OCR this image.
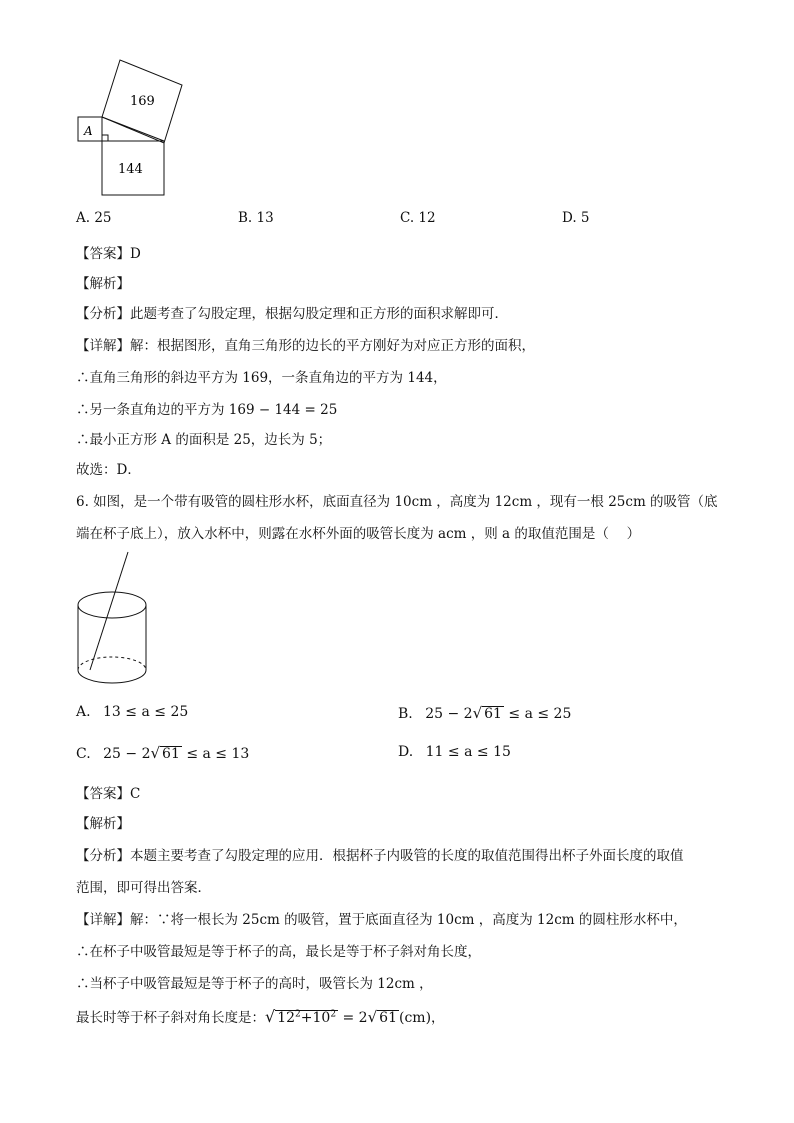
169
A
144
A. 25	B. 13	C. 12	D. 5
【答案】D
【解析】
【分析】此题考查了勾股定理，根据勾股定理和正方形的面积求解即可．
【详解】解：根据图形，直角三角形的边长的平方刚好为对应正方形的面积，
∴直角三角形的斜边平方为 169，一条直角边的平方为 144，
∴另一条直角边的平方为 169 − 144 = 25
∴最小正方形 A 的面积是 25，边长为 5；
故选：D．
6. 如图，是一个带有吸管的圆柱形水杯，底面直径为 10cm ，高度为 12cm ，现有一根 25cm 的吸管（底
端在杯子底上），放入水杯中，则露在水杯外面的吸管长度为 acm ，则 a 的取值范围是（　 ）
A. 13 ≤ a ≤ 25	B. 25 − 2√ 61 ≤ a ≤ 25
C. 25 − 2√ 61 ≤ a ≤ 13	D. 11 ≤ a ≤ 15
【答案】C
【解析】
【分析】本题主要考查了勾股定理的应用．根据杯子内吸管的长度的取值范围得出杯子外面长度的取值
范围，即可得出答案．
【详解】解：∵将一根长为 25cm 的吸管，置于底面直径为 10cm ，高度为 12cm 的圆柱形水杯中，
∴在杯子中吸管最短是等于杯子的高，最长是等于杯子斜对角长度，
∴当杯子中吸管最短是等于杯子的高时，吸管长为 12cm ，
最长时等于杯子斜对角长度是：√ $12^2+10^2 = 2√$ 61 (cm)，
